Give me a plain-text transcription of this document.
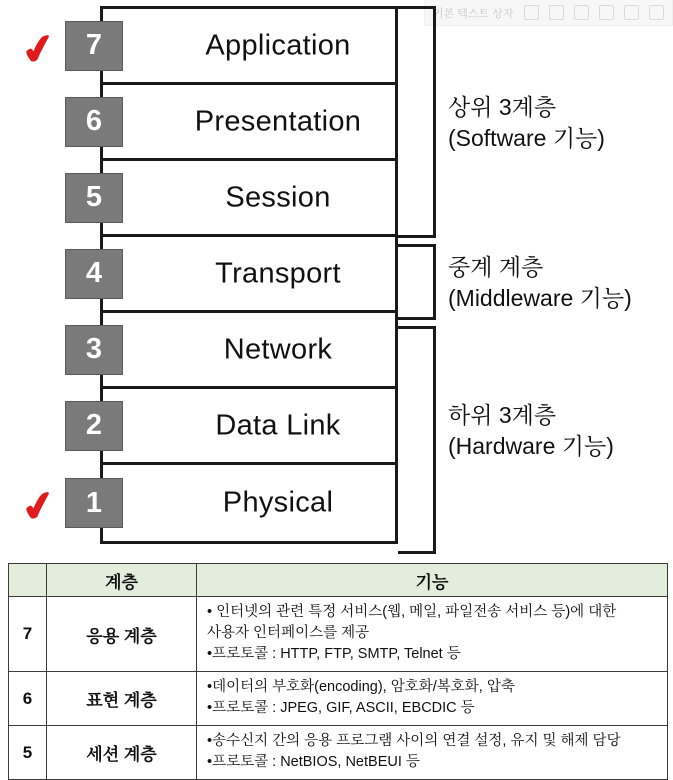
기본 텍스트 상자
✔
✔
7	Application
6	Presentation
5	Session
4	Transport
3	Network
2	Data Link
1	Physical
상위 3계층
(Software 기능)
중계 계층
(Middleware 기능)
하위 3계층
(Hardware 기능)
	계층	기능
7	응용 계층	• 인터넷의 관련 특정 서비스(웹, 메일, 파일전송 서비스 등)에 대한
사용자 인터페이스를 제공
•프로토콜 : HTTP, FTP, SMTP, Telnet 등

6	표현 계층	•데이터의 부호화(encoding), 암호화/복호화, 압축
•프로토콜 : JPEG, GIF, ASCII, EBCDIC 등

5	세션 계층	•송수신지 간의 응용 프로그램 사이의 연결 설정, 유지 및 해제 담당
•프로토콜 : NetBIOS, NetBEUI 등
